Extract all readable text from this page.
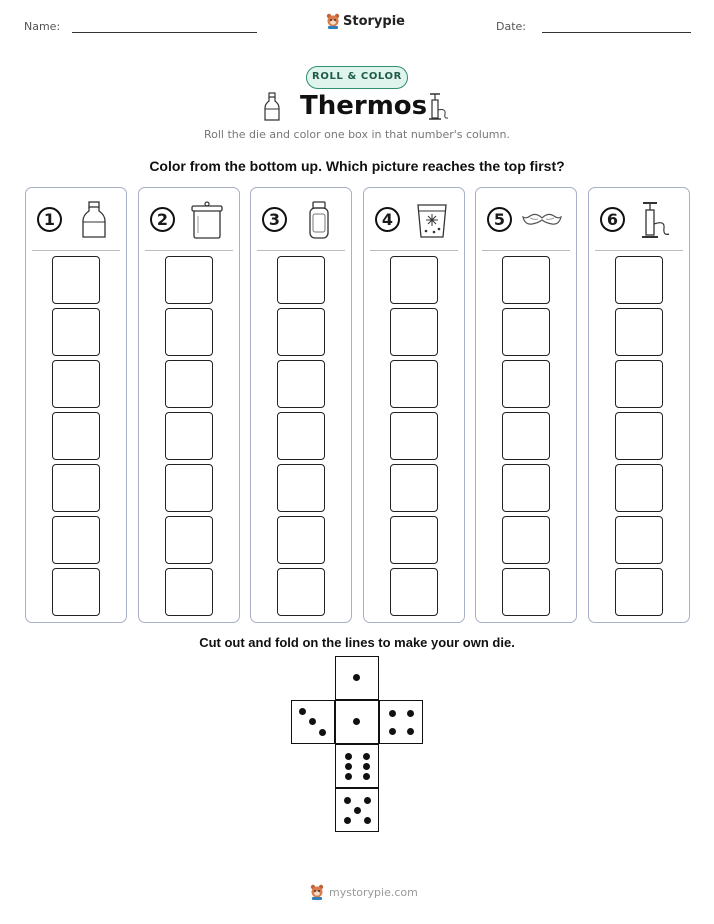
Name:	Storypie	Date:
ROLL & COLOR
Thermos
Roll the die and color one box in that number's column.
Color from the bottom up. Which picture reaches the top first?
1	2	3	4	5	6
Cut out and fold on the lines to make your own die.
mystorypie.com
